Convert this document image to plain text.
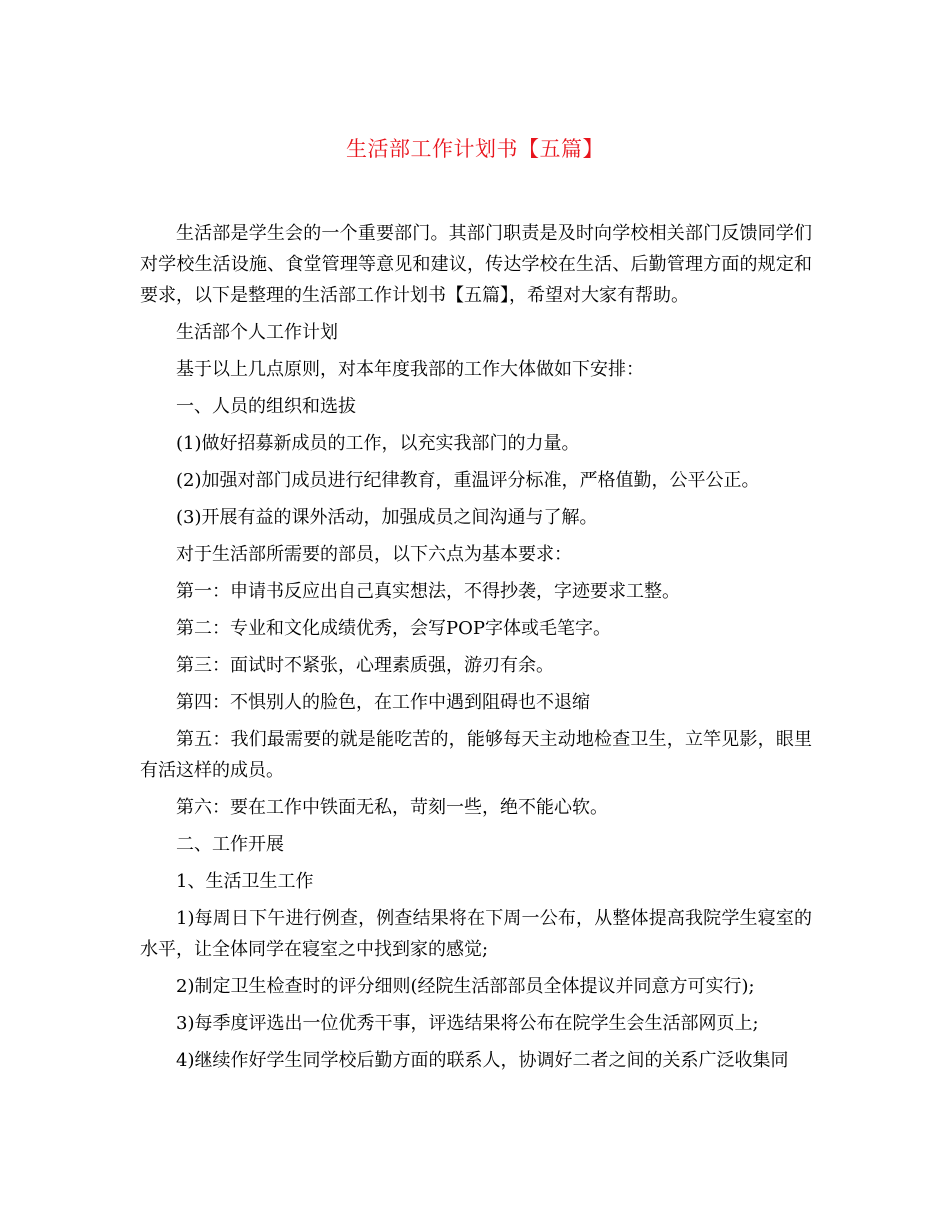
生活部工作计划书【五篇】

生活部是学生会的一个重要部门。其部门职责是及时向学校相关部门反馈同学们对学校生活设施、食堂管理等意见和建议，传达学校在生活、后勤管理方面的规定和要求，以下是整理的生活部工作计划书【五篇】，希望对大家有帮助。

生活部个人工作计划

基于以上几点原则，对本年度我部的工作大体做如下安排：

一、人员的组织和选拔

(1)做好招募新成员的工作，以充实我部门的力量。

(2)加强对部门成员进行纪律教育，重温评分标准，严格值勤，公平公正。

(3)开展有益的课外活动，加强成员之间沟通与了解。

对于生活部所需要的部员，以下六点为基本要求：

第一：申请书反应出自己真实想法，不得抄袭，字迹要求工整。

第二：专业和文化成绩优秀，会写POP字体或毛笔字。

第三：面试时不紧张，心理素质强，游刃有余。

第四：不惧别人的脸色，在工作中遇到阻碍也不退缩

第五：我们最需要的就是能吃苦的，能够每天主动地检查卫生，立竿见影，眼里有活这样的成员。

第六：要在工作中铁面无私，苛刻一些，绝不能心软。

二、工作开展

1、生活卫生工作

1)每周日下午进行例查，例查结果将在下周一公布，从整体提高我院学生寝室的水平，让全体同学在寝室之中找到家的感觉;

2)制定卫生检查时的评分细则(经院生活部部员全体提议并同意方可实行);

3)每季度评选出一位优秀干事，评选结果将公布在院学生会生活部网页上;

4)继续作好学生同学校后勤方面的联系人，协调好二者之间的关系广泛收集同
